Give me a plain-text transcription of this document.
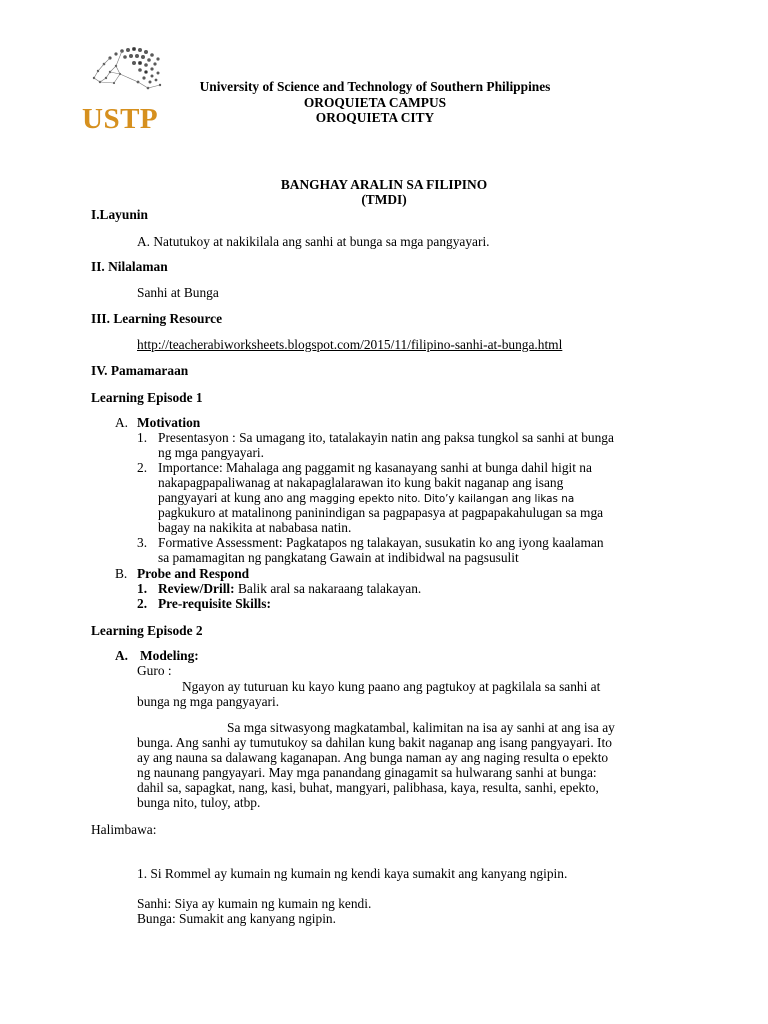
USTP
University of Science and Technology of Southern Philippines
OROQUIETA CAMPUS
OROQUIETA CITY
BANGHAY ARALIN SA FILIPINO
(TMDI)
I.Layunin
A. Natutukoy at nakikilala ang sanhi at bunga sa mga pangyayari.
II. Nilalaman
Sanhi at Bunga
III. Learning Resource
http://teacherabiworksheets.blogspot.com/2015/11/filipino-sanhi-at-bunga.html
IV. Pamamaraan
Learning Episode 1
A. Motivation
1. Presentasyon : Sa umagang ito, tatalakayin natin ang paksa tungkol sa sanhi at bunga
ng mga pangyayari.
2. Importance: Mahalaga ang paggamit ng kasanayang sanhi at bunga dahil higit na
nakapagpapaliwanag at nakapaglalarawan ito kung bakit naganap ang isang
pangyayari at kung ano ang magging epekto nito. Dito’y kailangan ang likas na
pagkukuro at matalinong paninindigan sa pagpapasya at pagpapakahulugan sa mga
bagay na nakikita at nababasa natin.
3. Formative Assessment: Pagkatapos ng talakayan, susukatin ko ang iyong kaalaman
sa pamamagitan ng pangkatang Gawain at indibidwal na pagsusulit
B. Probe and Respond
1. Review/Drill: Balik aral sa nakaraang talakayan.
2. Pre-requisite Skills:
Learning Episode 2
A. Modeling:
Guro :
Ngayon ay tuturuan ku kayo kung paano ang pagtukoy at pagkilala sa sanhi at
bunga ng mga pangyayari.
Sa mga sitwasyong magkatambal, kalimitan na isa ay sanhi at ang isa ay
bunga. Ang sanhi ay tumutukoy sa dahilan kung bakit naganap ang isang pangyayari. Ito
ay ang nauna sa dalawang kaganapan. Ang bunga naman ay ang naging resulta o epekto
ng naunang pangyayari. May mga panandang ginagamit sa hulwarang sanhi at bunga:
dahil sa, sapagkat, nang, kasi, buhat, mangyari, palibhasa, kaya, resulta, sanhi, epekto,
bunga nito, tuloy, atbp.
Halimbawa:
1. Si Rommel ay kumain ng kumain ng kendi kaya sumakit ang kanyang ngipin.
Sanhi: Siya ay kumain ng kumain ng kendi.
Bunga: Sumakit ang kanyang ngipin.
